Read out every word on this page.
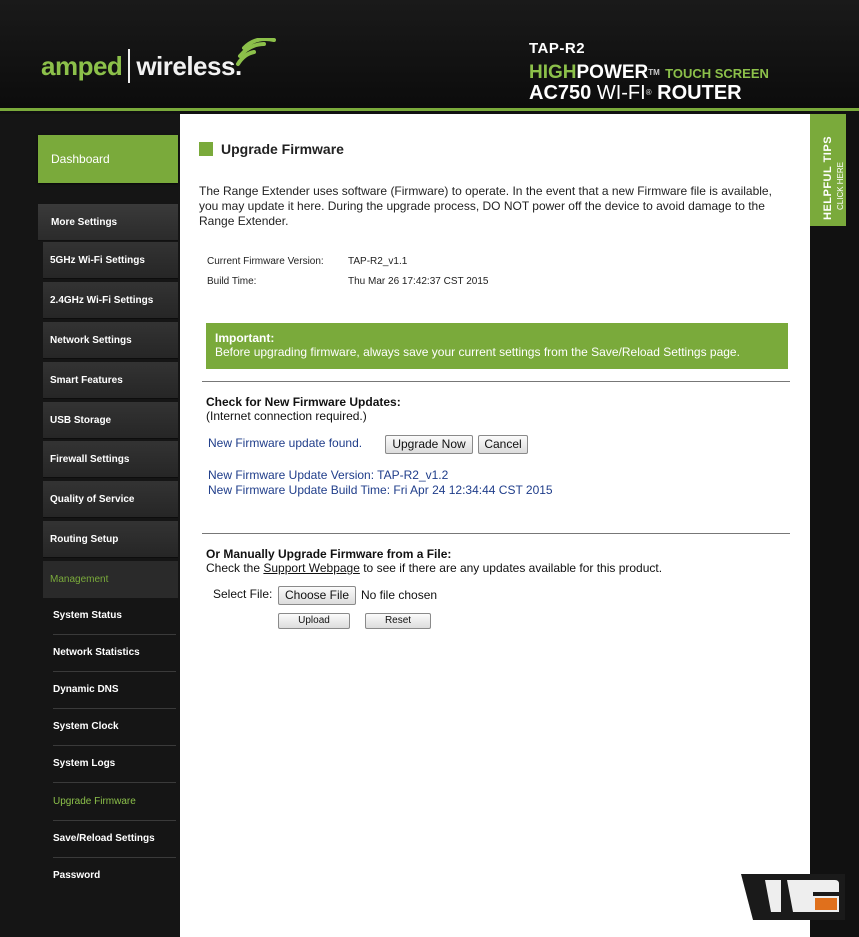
amped wireless.
TAP-R2
HIGHPOWER™ TOUCH SCREEN
AC750 WI-FI® ROUTER
Dashboard
More Settings
5GHz Wi-Fi Settings
2.4GHz Wi-Fi Settings
Network Settings
Smart Features
USB Storage
Firewall Settings
Quality of Service
Routing Setup
Management
System Status
Network Statistics
Dynamic DNS
System Clock
System Logs
Upgrade Firmware
Save/Reload Settings
Password
Upgrade Firmware
The Range Extender uses software (Firmware) to operate. In the event that a new Firmware file is available, you may update it here. During the upgrade process, DO NOT power off the device to avoid damage to the Range Extender.
Current Firmware Version: TAP-R2_v1.1
Build Time:	Thu Mar 26 17:42:37 CST 2015
Important:
Before upgrading firmware, always save your current settings from the Save/Reload Settings page.
Check for New Firmware Updates:
(Internet connection required.)
New Firmware update found.	Upgrade Now	Cancel
New Firmware Update Version: TAP-R2_v1.2
New Firmware Update Build Time: Fri Apr 24 12:34:44 CST 2015
Or Manually Upgrade Firmware from a File:
Check the Support Webpage to see if there are any updates available for this product.
Select File:	Choose File No file chosen
Upload	Reset
HELPFUL TIPS CLICK HERE
